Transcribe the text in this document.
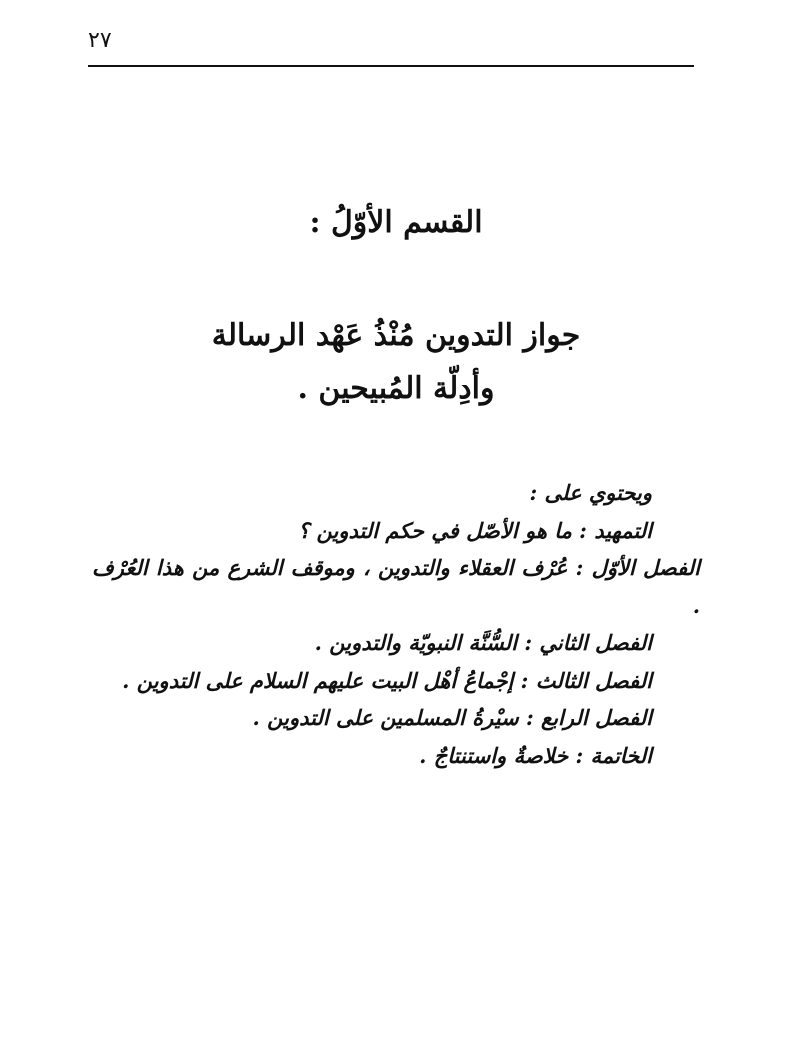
٢٧
القسم الأوّلُ :
جواز التدوين مُنْذُ عَهْد الرسالة
وأدِلّة المُبيحين .
ويحتوي على :
التمهيد : ما هو الأصّل في حكم التدوين ؟
الفصل الأوّل : عُرْف العقلاء والتدوين ، وموقف الشرع من هذا العُرْف .
الفصل الثاني : السُّنَّة النبويّة والتدوين .
الفصل الثالث : إجْماعُ أهْل البيت عليهم السلام على التدوين .
الفصل الرابع : سيْرةُ المسلمين على التدوين .
الخاتمة : خلاصةٌ واستنتاجٌ .
